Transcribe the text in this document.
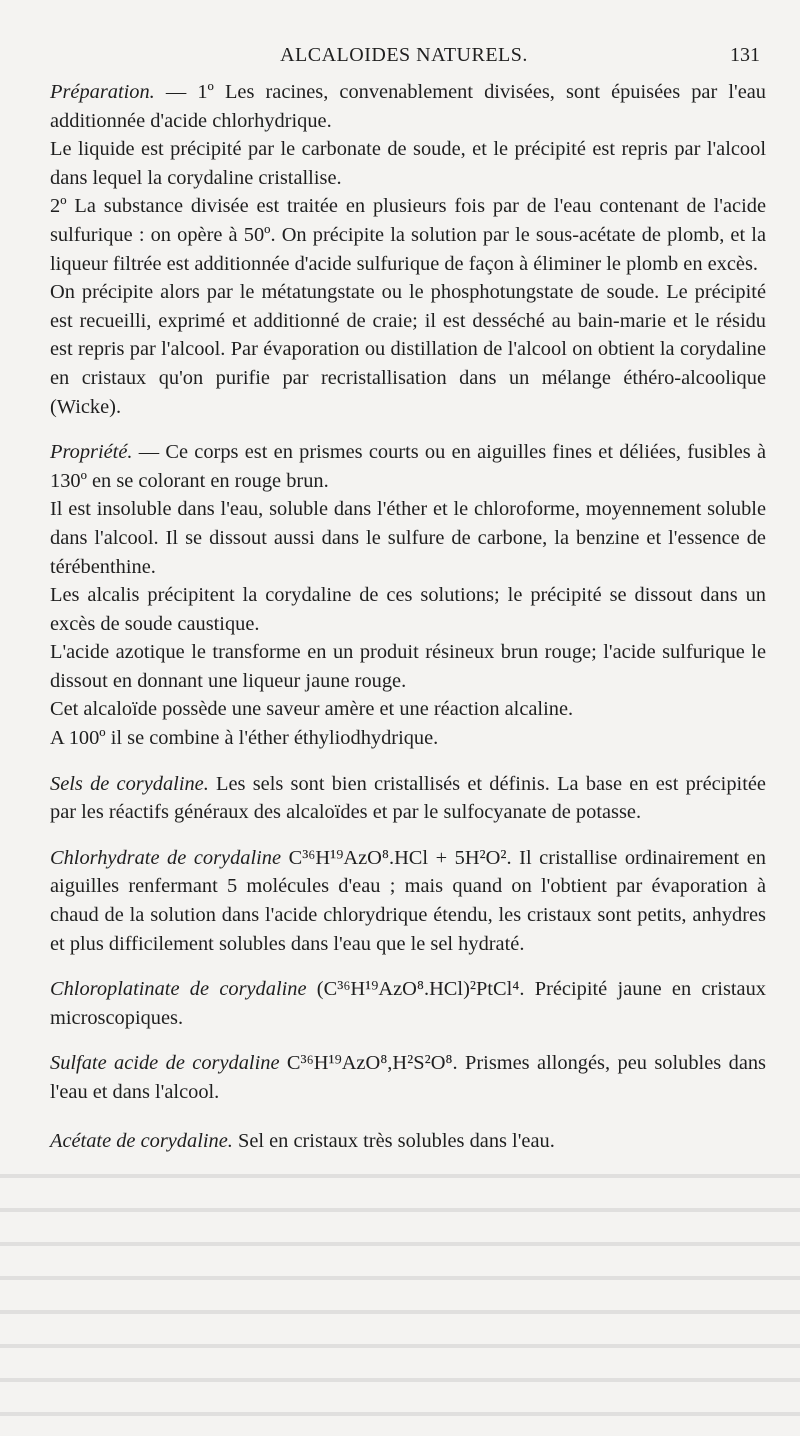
ALCALOIDES NATURELS.	131

Préparation. — 1º Les racines, convenablement divisées, sont épuisées par l'eau additionnée d'acide chlorhydrique.

Le liquide est précipité par le carbonate de soude, et le précipité est repris par l'alcool dans lequel la corydaline cristallise.

2º La substance divisée est traitée en plusieurs fois par de l'eau contenant de l'acide sulfurique : on opère à 50º. On précipite la solution par le sous-acétate de plomb, et la liqueur filtrée est additionnée d'acide sulfurique de façon à éliminer le plomb en excès.

On précipite alors par le métatungstate ou le phosphotungstate de soude. Le précipité est recueilli, exprimé et additionné de craie; il est desséché au bain-marie et le résidu est repris par l'alcool. Par évaporation ou distillation de l'alcool on obtient la corydaline en cristaux qu'on purifie par recristallisation dans un mélange éthéro-alcoolique (Wicke).

Propriété. — Ce corps est en prismes courts ou en aiguilles fines et déliées, fusibles à 130º en se colorant en rouge brun.

Il est insoluble dans l'eau, soluble dans l'éther et le chloroforme, moyennement soluble dans l'alcool. Il se dissout aussi dans le sulfure de carbone, la benzine et l'essence de térébenthine.

Les alcalis précipitent la corydaline de ces solutions; le précipité se dissout dans un excès de soude caustique.

L'acide azotique le transforme en un produit résineux brun rouge; l'acide sulfurique le dissout en donnant une liqueur jaune rouge.

Cet alcaloïde possède une saveur amère et une réaction alcaline.

A 100º il se combine à l'éther éthyliodhydrique.

Sels de corydaline. Les sels sont bien cristallisés et définis. La base en est précipitée par les réactifs généraux des alcaloïdes et par le sulfocyanate de potasse.

Chlorhydrate de corydaline C³⁶H¹⁹AzO⁸.HCl + 5H²O². Il cristallise ordinairement en aiguilles renfermant 5 molécules d'eau ; mais quand on l'obtient par évaporation à chaud de la solution dans l'acide chlorydrique étendu, les cristaux sont petits, anhydres et plus difficilement solubles dans l'eau que le sel hydraté.

Chloroplatinate de corydaline (C³⁶H¹⁹AzO⁸.HCl)²PtCl⁴. Précipité jaune en cristaux microscopiques.

Sulfate acide de corydaline C³⁶H¹⁹AzO⁸,H²S²O⁸. Prismes allongés, peu solubles dans l'eau et dans l'alcool.

Acétate de corydaline. Sel en cristaux très solubles dans l'eau.
